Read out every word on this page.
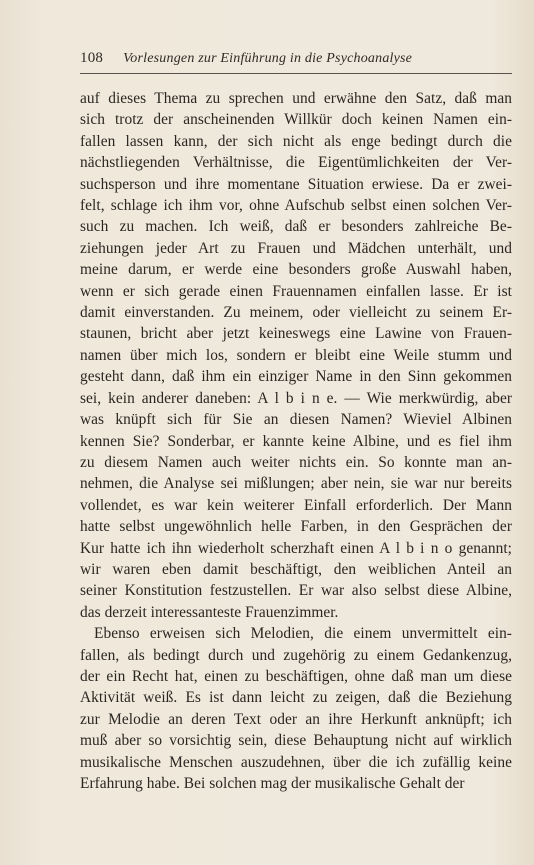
108 Vorlesungen zur Einführung in die Psychoanalyse
auf dieses Thema zu sprechen und erwähne den Satz, daß man
sich trotz der anscheinenden Willkür doch keinen Namen ein-
fallen lassen kann, der sich nicht als enge bedingt durch die
nächstliegenden Verhältnisse, die Eigentümlichkeiten der Ver-
suchsperson und ihre momentane Situation erwiese. Da er zwei-
felt, schlage ich ihm vor, ohne Aufschub selbst einen solchen Ver-
such zu machen. Ich weiß, daß er besonders zahlreiche Be-
ziehungen jeder Art zu Frauen und Mädchen unterhält, und
meine darum, er werde eine besonders große Auswahl haben,
wenn er sich gerade einen Frauennamen einfallen lasse. Er ist
damit einverstanden. Zu meinem, oder vielleicht zu seinem Er-
staunen, bricht aber jetzt keineswegs eine Lawine von Frauen-
namen über mich los, sondern er bleibt eine Weile stumm und
gesteht dann, daß ihm ein einziger Name in den Sinn gekommen
sei, kein anderer daneben: A l b i n e. — Wie merkwürdig, aber
was knüpft sich für Sie an diesen Namen? Wieviel Albinen
kennen Sie? Sonderbar, er kannte keine Albine, und es fiel ihm
zu diesem Namen auch weiter nichts ein. So konnte man an-
nehmen, die Analyse sei mißlungen; aber nein, sie war nur bereits
vollendet, es war kein weiterer Einfall erforderlich. Der Mann
hatte selbst ungewöhnlich helle Farben, in den Gesprächen der
Kur hatte ich ihn wiederholt scherzhaft einen A l b i n o genannt;
wir waren eben damit beschäftigt, den weiblichen Anteil an
seiner Konstitution festzustellen. Er war also selbst diese Albine,
das derzeit interessanteste Frauenzimmer.
Ebenso erweisen sich Melodien, die einem unvermittelt ein-
fallen, als bedingt durch und zugehörig zu einem Gedankenzug,
der ein Recht hat, einen zu beschäftigen, ohne daß man um diese
Aktivität weiß. Es ist dann leicht zu zeigen, daß die Beziehung
zur Melodie an deren Text oder an ihre Herkunft anknüpft; ich
muß aber so vorsichtig sein, diese Behauptung nicht auf wirklich
musikalische Menschen auszudehnen, über die ich zufällig keine
Erfahrung habe. Bei solchen mag der musikalische Gehalt der
